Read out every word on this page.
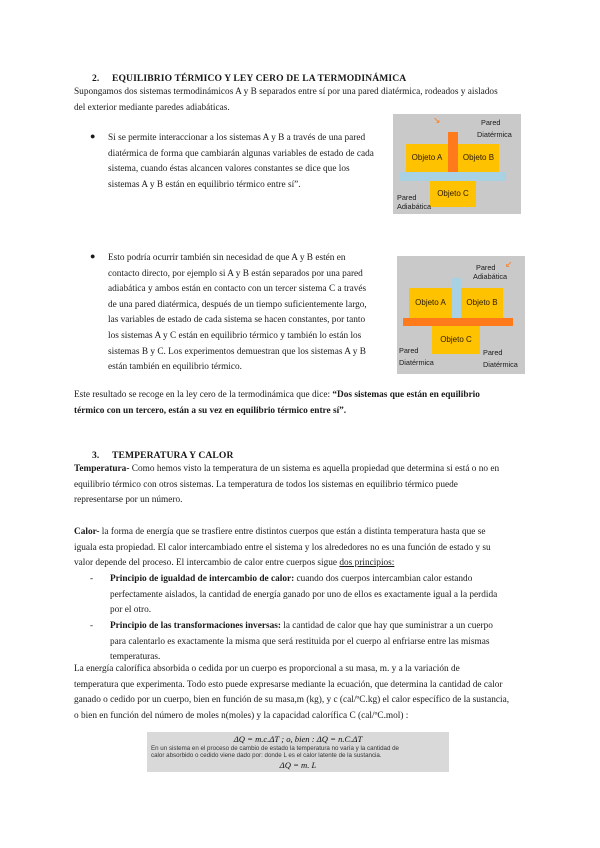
2. EQUILIBRIO TÉRMICO Y LEY CERO DE LA TERMODINÁMICA

Supongamos dos sistemas termodinámicos A y B separados entre sí por una pared diatérmica, rodeados y aislados

del exterior mediante paredes adiabáticas.

●	Si se permite interaccionar a los sistemas A y B a través de una pared

diatérmica de forma que cambiarán algunas variables de estado de cada

sistema, cuando éstas alcancen valores constantes se dice que los

sistemas A y B están en equilibrio térmico entre sí”.

↘
Objeto A	Objeto B
Objeto C
Pared
Diatérmica
Pared
Adiabática
●	Esto podría ocurrir también sin necesidad de que A y B estén en

contacto directo, por ejemplo si A y B están separados por una pared

adiabática y ambos están en contacto con un tercer sistema C a través

de una pared diatérmica, después de un tiempo suficientemente largo,

las variables de estado de cada sistema se hacen constantes, por tanto

los sistemas A y C están en equilibrio térmico y también lo están los

sistemas B y C. Los experimentos demuestran que los sistemas A y B

están también en equilibrio térmico.

Objeto A	Objeto B
Objeto C
Pared
Adiabática
↙
Pared
Diatérmica
Pared
Diatérmica

Este resultado se recoge en la ley cero de la termodinámica que dice: “Dos sistemas que están en equilibrio

térmico con un tercero, están a su vez en equilibrio térmico entre sí”.

3. TEMPERATURA Y CALOR

Temperatura- Como hemos visto la temperatura de un sistema es aquella propiedad que determina si está o no en

equilibrio térmico con otros sistemas. La temperatura de todos los sistemas en equilibrio térmico puede

representarse por un número.

Calor- la forma de energía que se trasfiere entre distintos cuerpos que están a distinta temperatura hasta que se

iguala esta propiedad. El calor intercambiado entre el sistema y los alrededores no es una función de estado y su

valor depende del proceso. El intercambio de calor entre cuerpos sigue dos principios:

-	Principio de igualdad de intercambio de calor: cuando dos cuerpos intercambian calor estando

perfectamente aislados, la cantidad de energía ganado por uno de ellos es exactamente igual a la perdida

por el otro.

-	Principio de las transformaciones inversas: la cantidad de calor que hay que suministrar a un cuerpo

para calentarlo es exactamente la misma que será restituida por el cuerpo al enfriarse entre las mismas

temperaturas.

La energía calorífica absorbida o cedida por un cuerpo es proporcional a su masa, m. y a la variación de

temperatura que experimenta. Todo esto puede expresarse mediante la ecuación, que determina la cantidad de calor

ganado o cedido por un cuerpo, bien en función de su masa,m (kg), y c (cal/ºC.kg) el calor específico de la sustancia,

o bien en función del número de moles n(moles) y la capacidad calorífica C (cal/ºC.mol) :

ΔQ = m.c.ΔT ; o, bien : ΔQ = n.C.ΔT
En un sistema en el proceso de cambio de estado la temperatura no varía y la cantidad de
calor absorbido o cedido viene dado por: donde L es el calor latente de la sustancia.
ΔQ = m. L
